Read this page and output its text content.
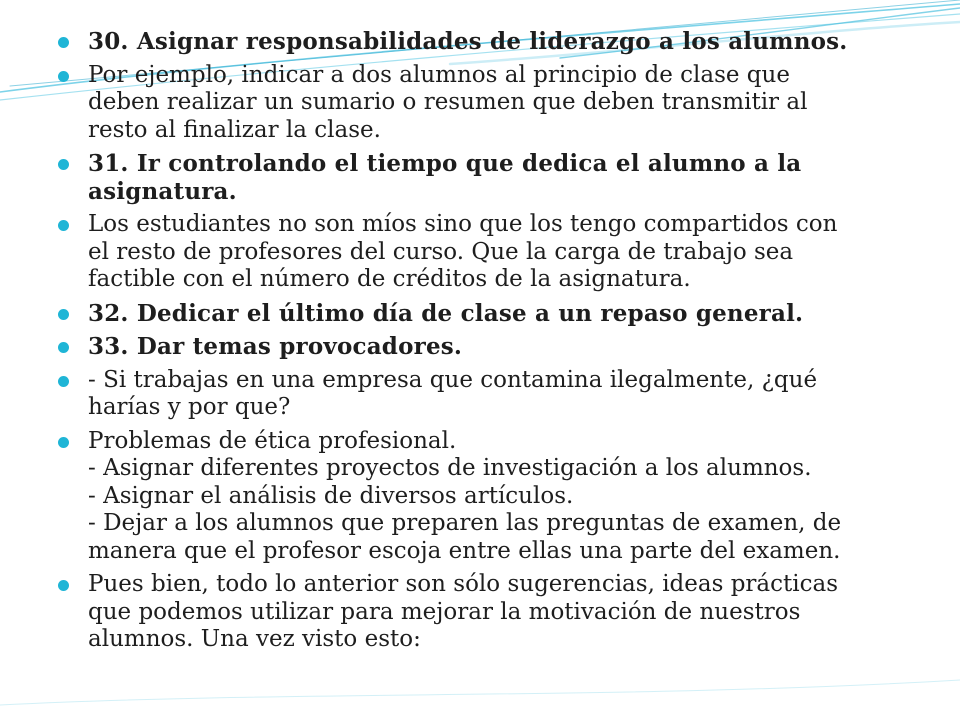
30. Asignar responsabilidades de liderazgo a los alumnos.
Por ejemplo, indicar a dos alumnos al principio de clase que
deben realizar un sumario o resumen que deben transmitir al
resto al finalizar la clase.
31. Ir controlando el tiempo que dedica el alumno a la
asignatura.
Los estudiantes no son míos sino que los tengo compartidos con
el resto de profesores del curso. Que la carga de trabajo sea
factible con el número de créditos de la asignatura.
32. Dedicar el último día de clase a un repaso general.
33. Dar temas provocadores.
- Si trabajas en una empresa que contamina ilegalmente, ¿qué
harías y por que?
Problemas de ética profesional.
- Asignar diferentes proyectos de investigación a los alumnos.
- Asignar el análisis de diversos artículos.
- Dejar a los alumnos que preparen las preguntas de examen, de
manera que el profesor escoja entre ellas una parte del examen.
Pues bien, todo lo anterior son sólo sugerencias, ideas prácticas
que podemos utilizar para mejorar la motivación de nuestros
alumnos. Una vez visto esto:
